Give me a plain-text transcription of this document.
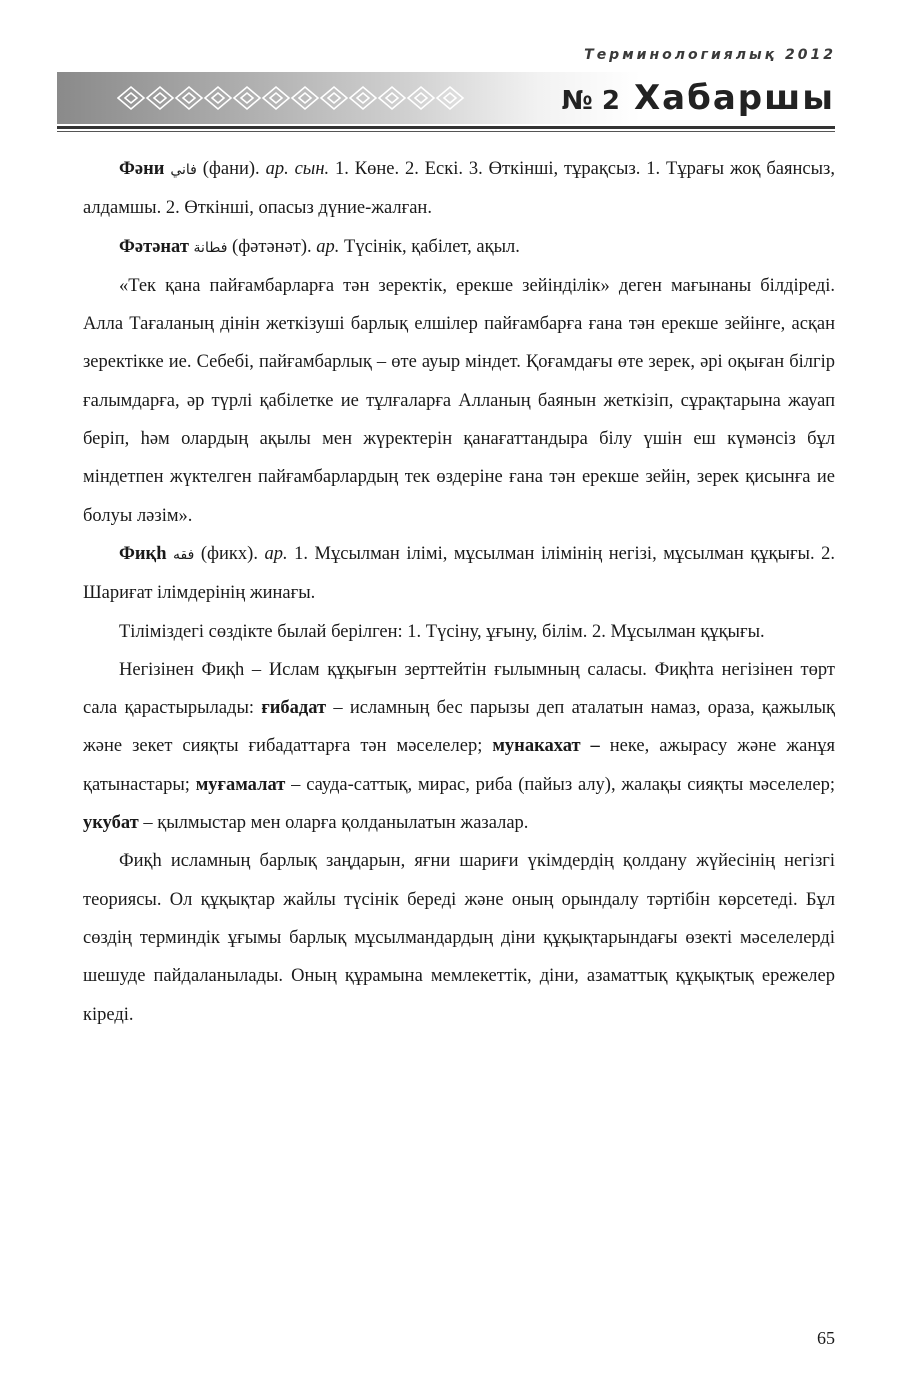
Терминологиялық 2012
№ 2 Хабаршы

Фәни فاني (фани). ар. сын. 1. Көне. 2. Ескі. 3. Өткінші, тұрақсыз. 1. Тұрағы жоқ баянсыз, алдамшы. 2. Өткінші, опасыз дүние-жалған.

Фәтәнат فطانة (фәтәнәт). ар. Түсінік, қабілет, ақыл.

«Тек қана пайғамбарларға тән зеректік, ерекше зейінділік» деген мағынаны білдіреді. Алла Тағаланың дінін жеткізуші барлық елшілер пайғамбарға ғана тән ерекше зейінге, асқан зеректікке ие. Себебі, пайғамбарлық – өте ауыр міндет. Қоғамдағы өте зерек, әрі оқыған білгір ғалымдарға, әр түрлі қабілетке ие тұлғаларға Алланың баянын жеткізіп, сұрақтарына жауап беріп, һәм олардың ақылы мен жүректерін қанағаттандыра білу үшін еш күмәнсіз бұл міндетпен жүктелген пайғамбарлардың тек өздеріне ғана тән ерекше зейін, зерек қисынға ие болуы ләзім».

Фиқһ فقه (фикх). ар. 1. Мұсылман ілімі, мұсылман ілімінің негізі, мұсылман құқығы. 2. Шариғат ілімдерінің жинағы.

Тіліміздегі сөздікте былай берілген: 1. Түсіну, ұғыну, білім. 2. Мұсылман құқығы.

Негізінен Фиқһ – Ислам құқығын зерттейтін ғылымның саласы. Фиқһта негізінен төрт сала қарастырылады: ғибадат – исламның бес парызы деп аталатын намаз, ораза, қажылық және зекет сияқты ғибадаттарға тән мәселелер; мунакахат – неке, ажырасу және жанұя қатынастары; муғамалат – сауда-саттық, мирас, риба (пайыз алу), жалақы сияқты мәселелер; укубат – қылмыстар мен оларға қолданылатын жазалар.

Фиқһ исламның барлық заңдарын, яғни шариғи үкімдердің қолдану жүйесінің негізгі теориясы. Ол құқықтар жайлы түсінік береді және оның орындалу тәртібін көрсетеді. Бұл сөздің терминдік ұғымы барлық мұсылмандардың діни құқықтарындағы өзекті мәселелерді шешуде пайдаланылады. Оның құрамына мемлекеттік, діни, азаматтық құқықтық ережелер кіреді.

65
